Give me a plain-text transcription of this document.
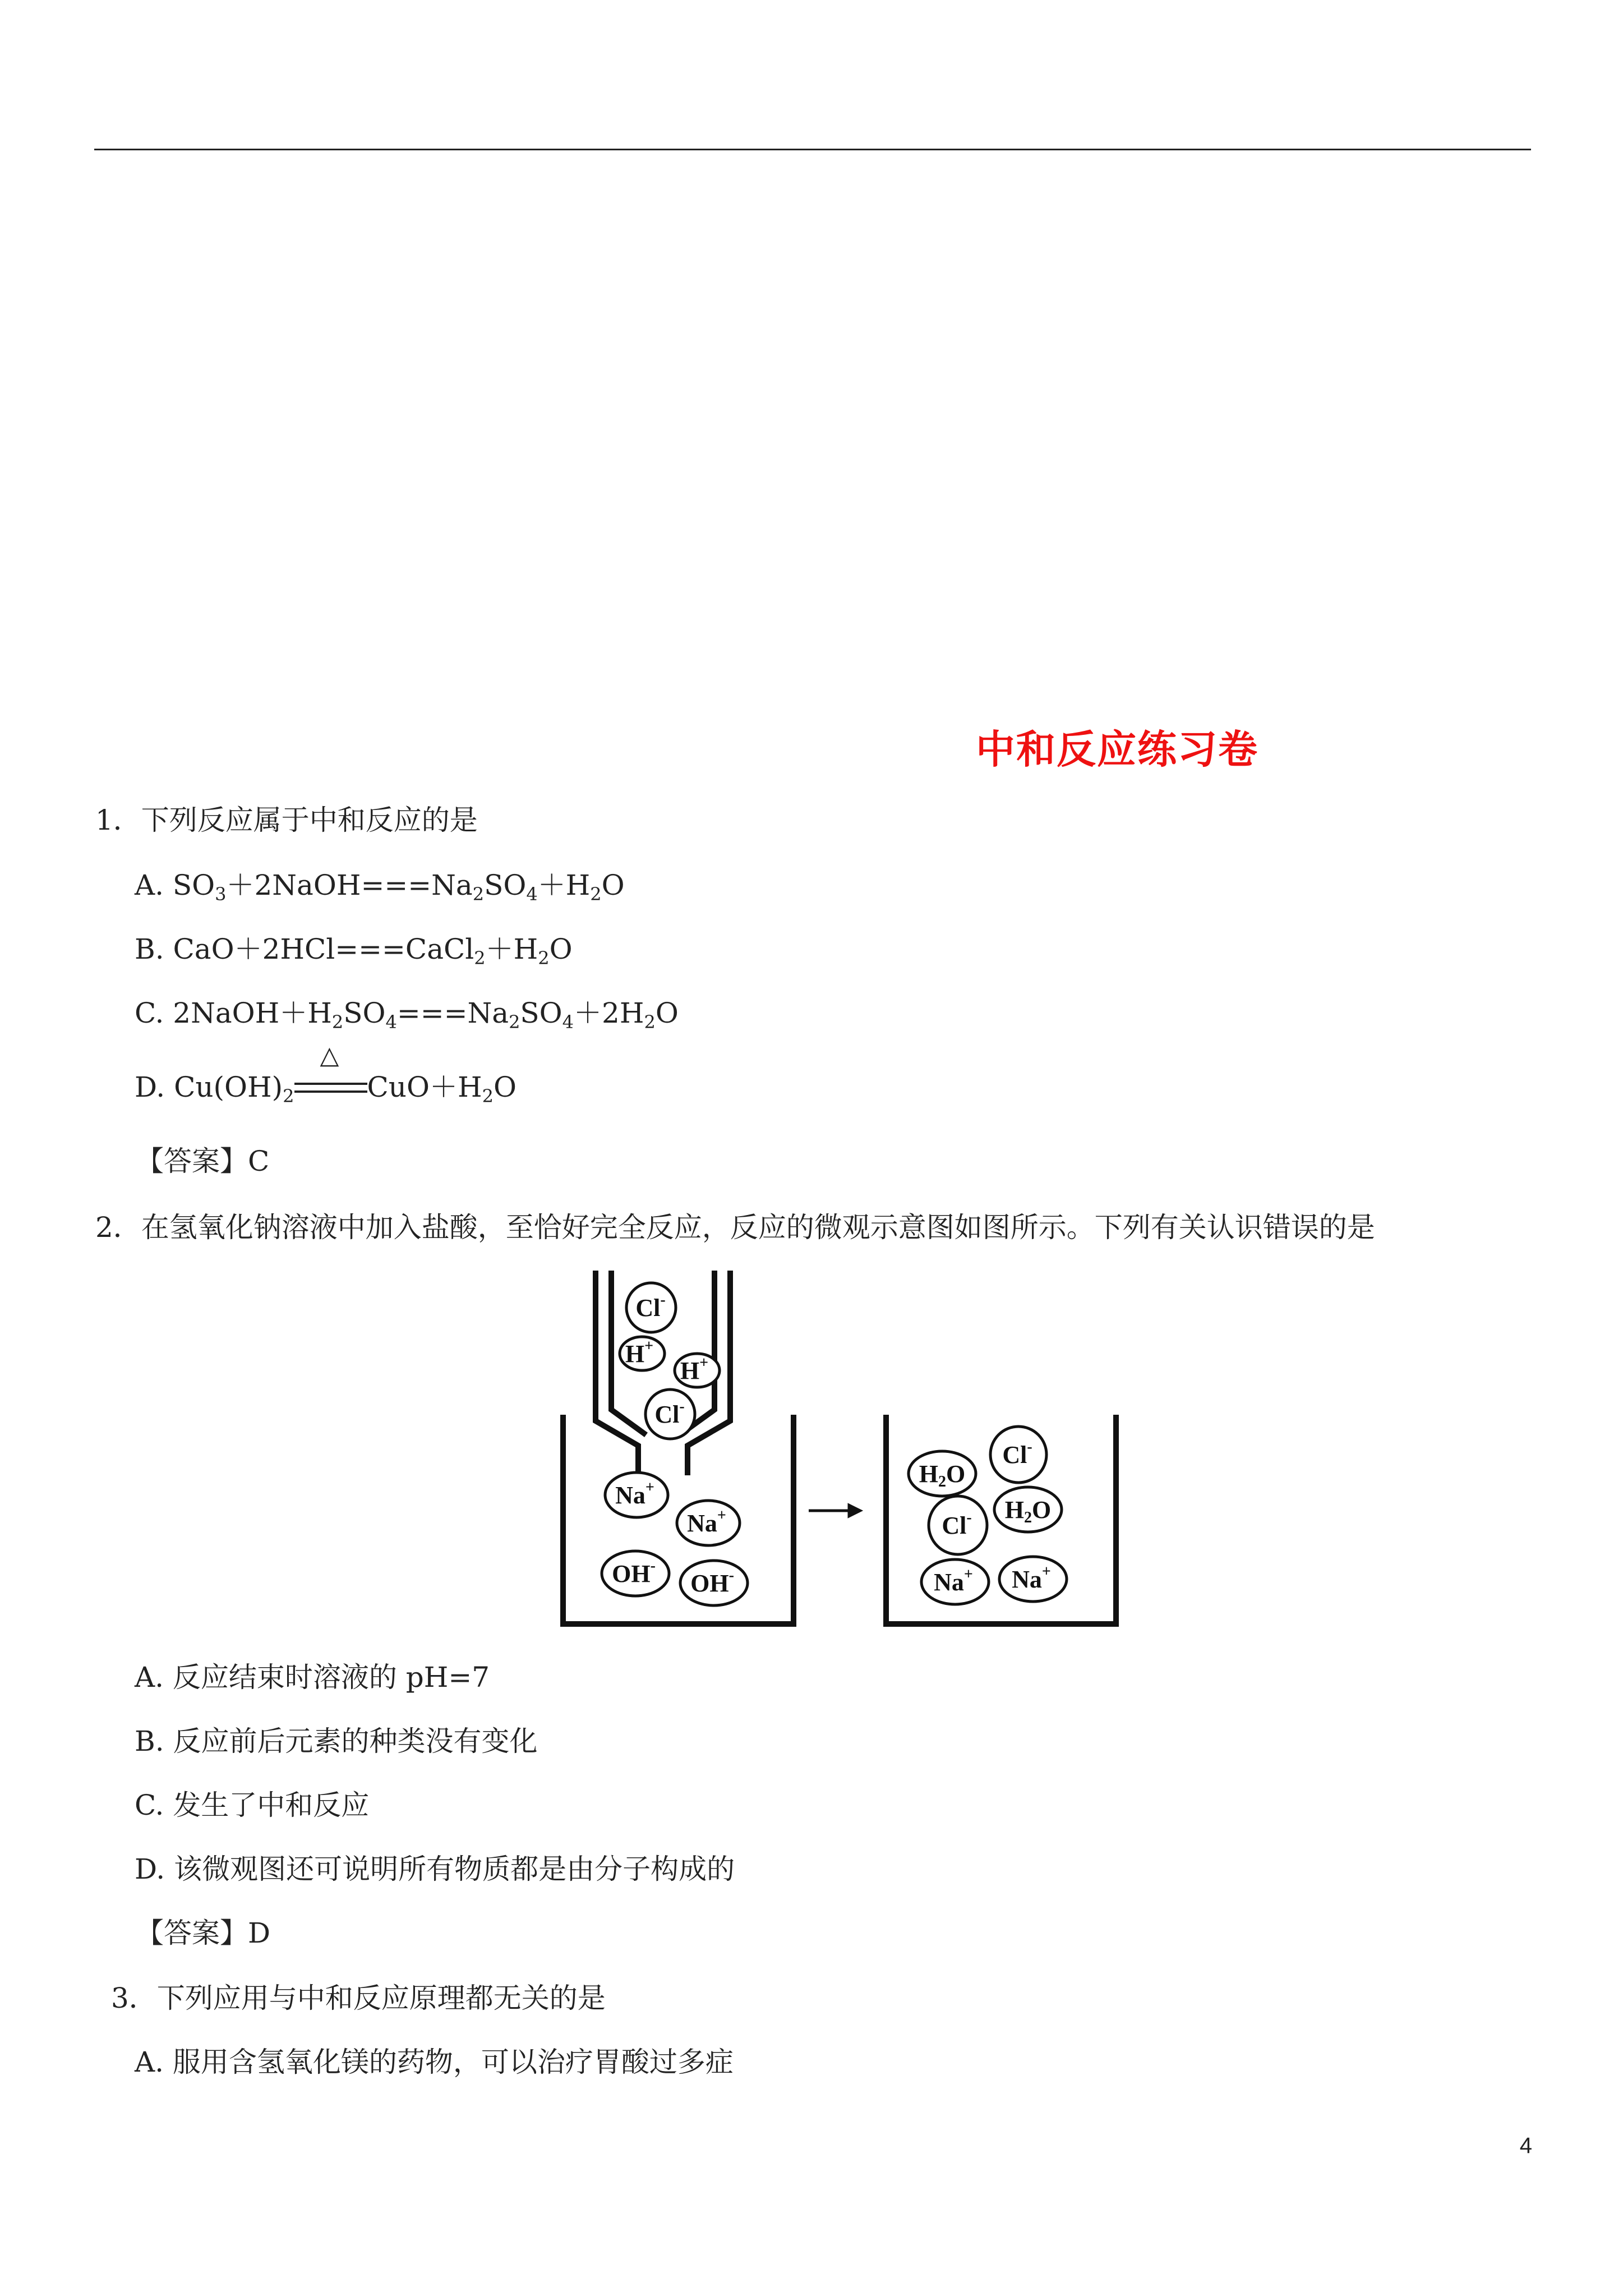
中和反应练习卷
1．下列反应属于中和反应的是
A. $SO_3+2NaOH===Na_2SO_4+H_2O$
B. $CaO+2HCl===CaCl_2+H_2O$
C. $2NaOH+H_2SO_4===Na_2SO_4+2H_2O$
D. $Cu(OH)_2$
△
$CuO+H_2O$
【答案】C
2．在氢氧化钠溶液中加入盐酸，至恰好完全反应，反应的微观示意图如图所示。下列有关认识错误的是
Cl-
H+
H+
Cl-
Na+
Na+
OH-
OH-
H2O
Cl-
H2O
Cl-
Na+ Na+
A. 反应结束时溶液的 pH=7
B. 反应前后元素的种类没有变化
C. 发生了中和反应
D. 该微观图还可说明所有物质都是由分子构成的
【答案】D
3．下列应用与中和反应原理都无关的是
A. 服用含氢氧化镁的药物，可以治疗胃酸过多症
4
